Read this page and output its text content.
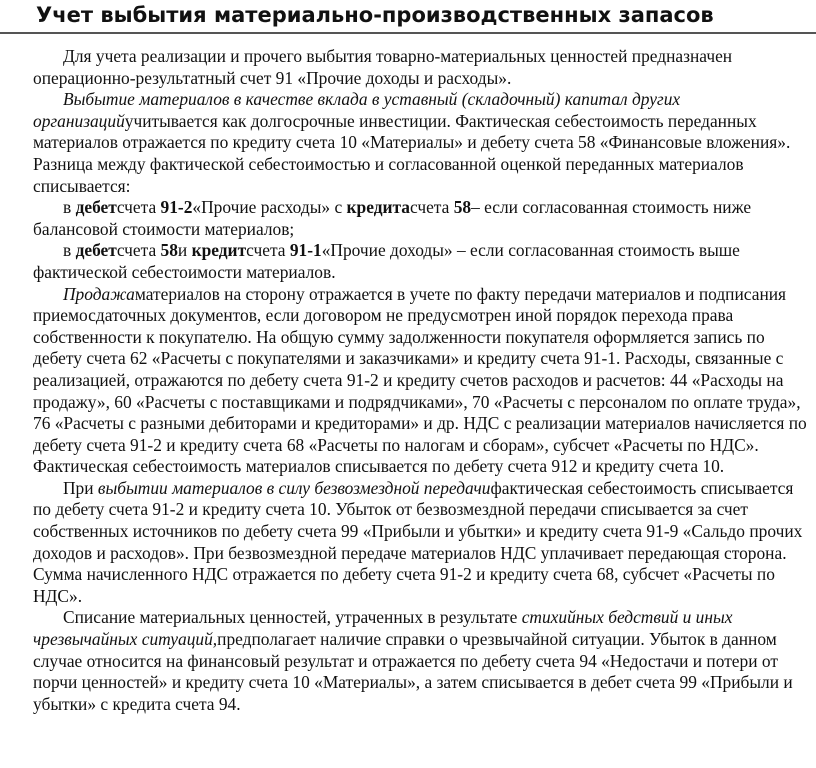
Учет выбытия материально-производственных запасов

Для учета реализации и прочего выбытия товарно-материальных ценностей предназначен операционно-результатный счет 91 «Прочие доходы и расходы».

Выбытие материалов в качестве вклада в уставный (складочный) капитал других организацийучитывается как долгосрочные инвестиции. Фактическая себестоимость переданных материалов отражается по кредиту счета 10 «Материалы» и дебету счета 58 «Финансовые вложения». Разница между фактической себестоимостью и согласованной оценкой переданных материалов списывается:

в дебетсчета 91-2«Прочие расходы» с кредитасчета 58– если согласованная стоимость ниже балансовой стоимости материалов;

в дебетсчета 58и кредитсчета 91-1«Прочие доходы» – если согласованная стоимость выше фактической себестоимости материалов.

Продажаматериалов на сторону отражается в учете по факту передачи материалов и подписания приемосдаточных документов, если договором не предусмотрен иной порядок перехода права собственности к покупателю. На общую сумму задолженности покупателя оформляется запись по дебету счета 62 «Расчеты с покупателями и заказчиками» и кредиту счета 91-1. Расходы, связанные с реализацией, отражаются по дебету счета 91-2 и кредиту счетов расходов и расчетов: 44 «Расходы на продажу», 60 «Расчеты с поставщиками и подрядчиками», 70 «Расчеты с персоналом по оплате труда», 76 «Расчеты с разными дебиторами и кредиторами» и др. НДС с реализации материалов начисляется по дебету счета 91-2 и кредиту счета 68 «Расчеты по налогам и сборам», субсчет «Расчеты по НДС». Фактическая себестоимость материалов списывается по дебету счета 912 и кредиту счета 10.

При выбытии материалов в силу безвозмездной передачифактическая себестоимость списывается по дебету счета 91-2 и кредиту счета 10. Убыток от безвозмездной передачи списывается за счет собственных источников по дебету счета 99 «Прибыли и убытки» и кредиту счета 91-9 «Сальдо прочих доходов и расходов». При безвозмездной передаче материалов НДС уплачивает передающая сторона. Сумма начисленного НДС отражается по дебету счета 91-2 и кредиту счета 68, субсчет «Расчеты по НДС».

Списание материальных ценностей, утраченных в результате стихийных бедствий и иных чрезвычайных ситуаций,предполагает наличие справки о чрезвычайной ситуации. Убыток в данном случае относится на финансовый результат и отражается по дебету счета 94 «Недостачи и потери от порчи ценностей» и кредиту счета 10 «Материалы», а затем списывается в дебет счета 99 «Прибыли и убытки» с кредита счета 94.
